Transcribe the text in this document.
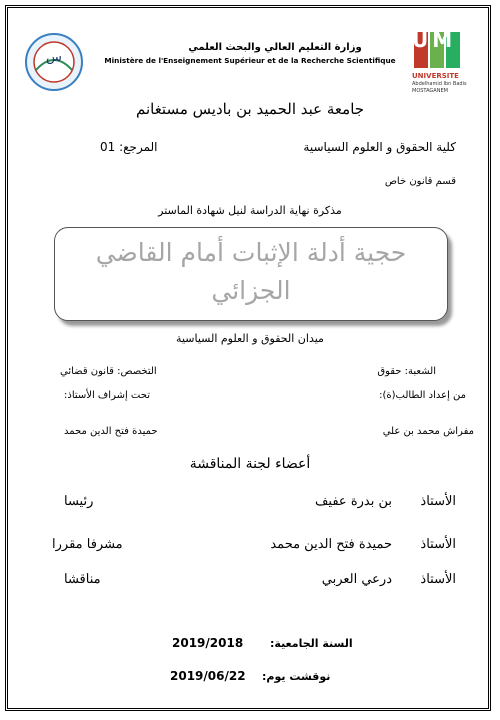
س
UM
UNIVERSITE
Abdelhamid Ibn Badis
MOSTAGANEM
وزارة التعليم العالي والبحث العلمي
Ministère de l'Enseignement Supérieur et de la Recherche Scientifique
جامعة عبد الحميد بن باديس مستغانم
كلية الحقوق و العلوم السياسية
المرجع: 01
قسم قانون خاص
مذكرة نهاية الدراسة لنيل شهادة الماستر
حجية أدلة الإثبات أمام القاضي
الجزائي
ميدان الحقوق و العلوم السياسية
الشعبة: حقوق
التخصص: قانون قضائي
من إعداد الطالب(ة):
تحت إشراف الأستاذ:
مفراش محمد بن علي
حميدة فتح الدين محمد
أعضاء لجنة المناقشة
الأستاذ
بن بدرة عفيف
رئيسا
الأستاذ
حميدة فتح الدين محمد
مشرفا مقررا
الأستاذ
درعي العربي
مناقشا
السنة الجامعية:
2019/2018
نوقشت يوم:
2019/06/22
